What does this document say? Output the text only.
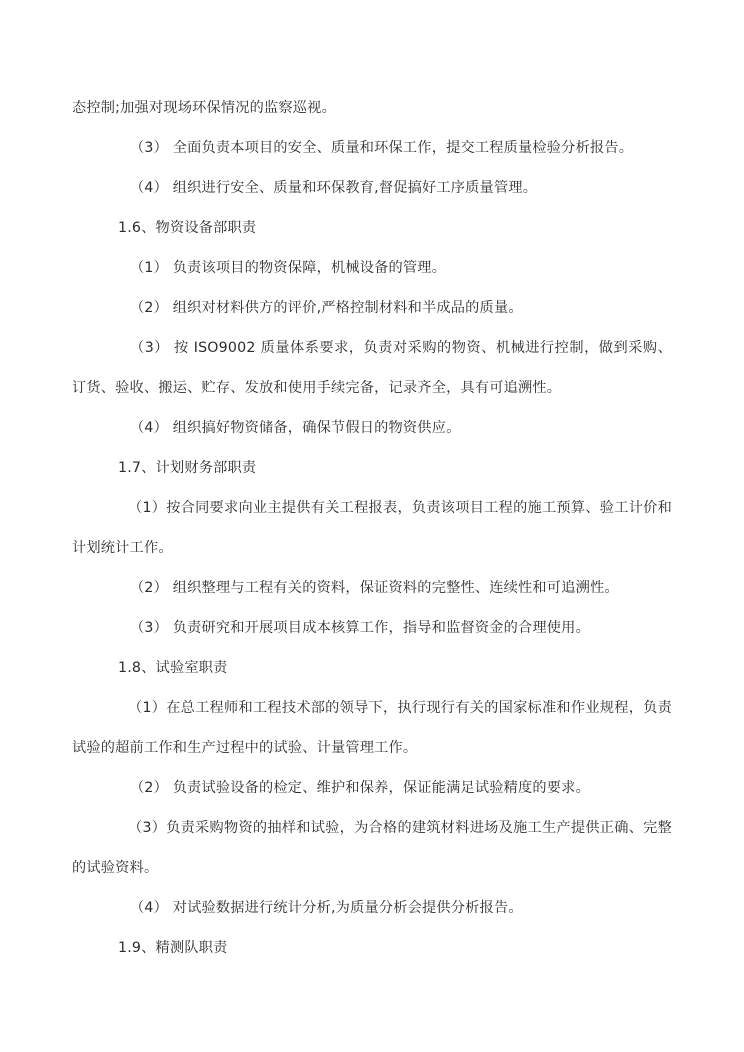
态控制;加强对现场环保情况的监察巡视。

（3） 全面负责本项目的安全、质量和环保工作，提交工程质量检验分析报告。

（4） 组织进行安全、质量和环保教育,督促搞好工序质量管理。

1.6、物资设备部职责

（1） 负责该项目的物资保障，机械设备的管理。

（2） 组织对材料供方的评价,严格控制材料和半成品的质量。

（3） 按 ISO9002 质量体系要求，负责对采购的物资、机械进行控制，做到采购、订货、验收、搬运、贮存、发放和使用手续完备，记录齐全，具有可追溯性。

（4） 组织搞好物资储备，确保节假日的物资供应。

1.7、计划财务部职责

（1）按合同要求向业主提供有关工程报表，负责该项目工程的施工预算、验工计价和计划统计工作。

（2） 组织整理与工程有关的资料，保证资料的完整性、连续性和可追溯性。

（3） 负责研究和开展项目成本核算工作，指导和监督资金的合理使用。

1.8、试验室职责

（1）在总工程师和工程技术部的领导下，执行现行有关的国家标准和作业规程，负责试验的超前工作和生产过程中的试验、计量管理工作。

（2） 负责试验设备的检定、维护和保养，保证能满足试验精度的要求。

（3）负责采购物资的抽样和试验，为合格的建筑材料进场及施工生产提供正确、完整的试验资料。

（4） 对试验数据进行统计分析,为质量分析会提供分析报告。

1.9、精测队职责
